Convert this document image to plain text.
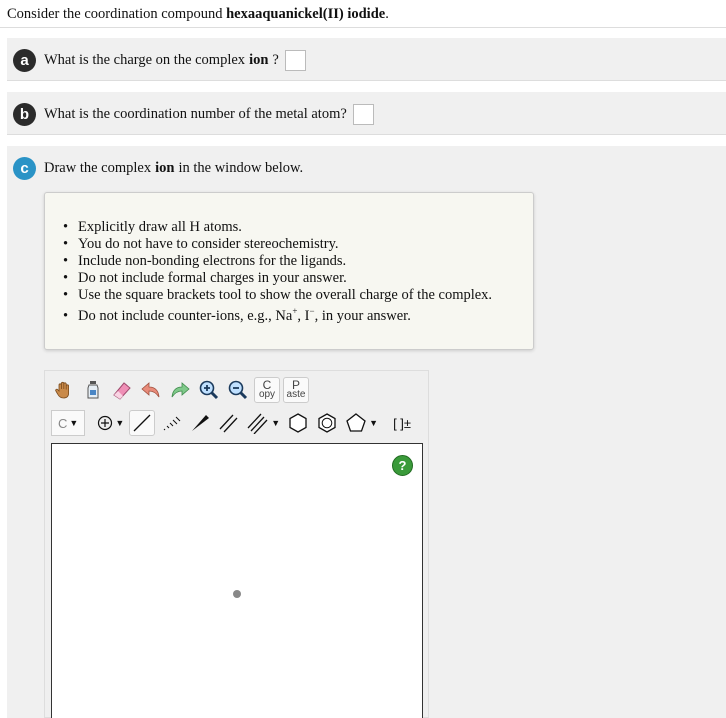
Consider the coordination compound hexaaquanickel(II) iodide.
a	What is the charge on the complex ion ?
b	What is the coordination number of the metal atom?
c	Draw the complex ion in the window below.
• Explicitly draw all H atoms.
• You do not have to consider stereochemistry.
• Include non-bonding electrons for the ligands.
• Do not include formal charges in your answer.
• Use the square brackets tool to show the overall charge of the complex.
• Do not include counter-ions, e.g., Na+, I−, in your answer.
C
opy
P
aste
C ▼	▼	▼	▼ [ ]±
?
